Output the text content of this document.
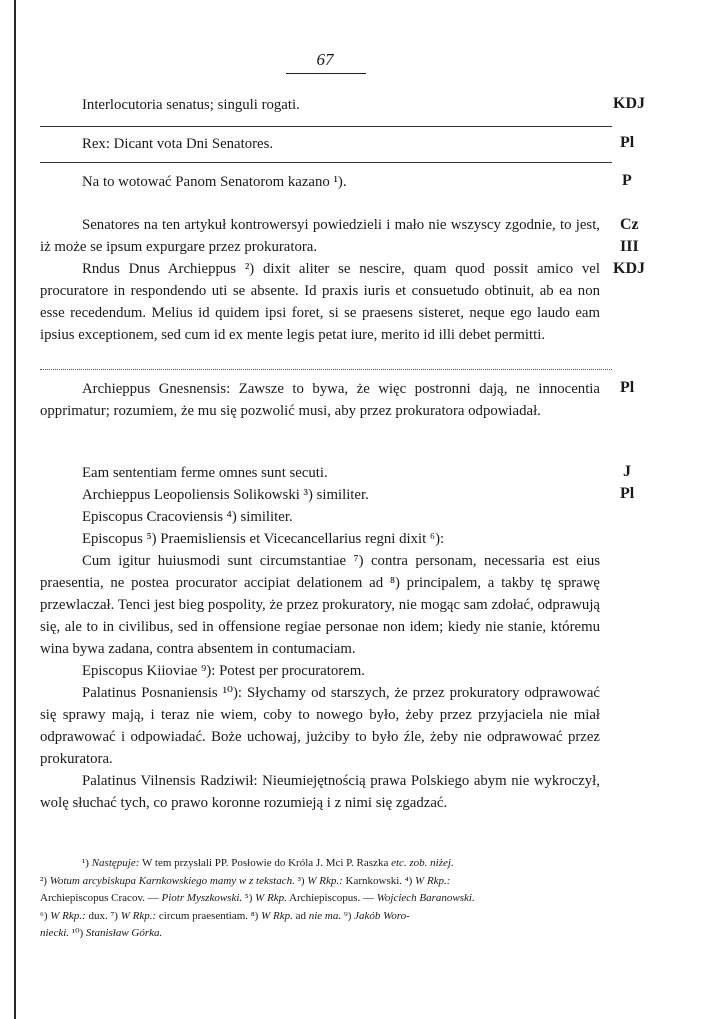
67
Interlocutoria senatus; singuli rogati.	KDJ
Rex: Dicant vota Dni Senatores.	Pl
Na to wotować Panom Senatorom kazano ¹).	P

Senatores na ten artykuł kontrowersyi powiedzieli i mało nie wszyscy zgodnie, to jest, iż może se ipsum expurgare przez prokuratora.

Cz
III

Rndus Dnus Archieppus ²) dixit aliter se nescire, quam quod possit amico vel procuratore in respondendo uti se absente. Id praxis iuris et consuetudo obtinuit, ab ea non esse recedendum. Melius id quidem ipsi foret, si se praesens sisteret, neque ego laudo eam ipsius exceptionem, sed cum id ex mente legis petat iure, merito id illi debet permitti.

KDJ

Archieppus Gnesnensis: Zawsze to bywa, że więc postronni dają, ne innocentia opprimatur; rozumiem, że mu się pozwolić musi, aby przez prokuratora odpowiadał.

Pl
Eam sententiam ferme omnes sunt secuti.	J
Archieppus Leopoliensis Solikowski ³) similiter.	Pl
Episcopus Cracoviensis ⁴) similiter.
Episcopus ⁵) Praemisliensis et Vicecancellarius regni dixit ⁶):

Cum igitur huiusmodi sunt circumstantiae ⁷) contra personam, necessaria est eius praesentia, ne postea procurator accipiat delationem ad ⁸) principalem, a takby tę sprawę przewlaczał. Tenci jest bieg pospolity, że przez prokuratory, nie mogąc sam zdołać, odprawują się, ale to in civilibus, sed in offensione regiae personae non idem; kiedy nie stanie, któremu wina bywa zadana, contra absentem in contumaciam.

Episcopus Kiioviae ⁹): Potest per procuratorem.

Palatinus Posnaniensis ¹⁰): Słychamy od starszych, że przez prokuratory odprawować się sprawy mają, i teraz nie wiem, coby to nowego było, żeby przez przyjaciela nie miał odprawować i odpowiadać. Boże uchowaj, jużciby to było źle, żeby nie odprawować przez prokuratora.

Palatinus Vilnensis Radziwił: Nieumiejętnością prawa Polskiego abym nie wykroczył, wolę słuchać tych, co prawo koronne rozumieją i z nimi się zgadzać.

¹) Następuje: W tem przysłali PP. Posłowie do Króla J. Mci P. Raszka etc. zob. niżej.
²) Wotum arcybiskupa Karnkowskiego mamy w z tekstach. ³) W Rkp.: Karnkowski. ⁴) W Rkp.:
Archiepiscopus Cracov. — Piotr Myszkowski. ⁵) W Rkp. Archiepiscopus. — Wojciech Baranowski.
⁶) W Rkp.: dux. ⁷) W Rkp.: circum praesentiam. ⁸) W Rkp. ad nie ma. ⁹) Jakób Woro-
niecki. ¹⁰) Stanisław Górka.
